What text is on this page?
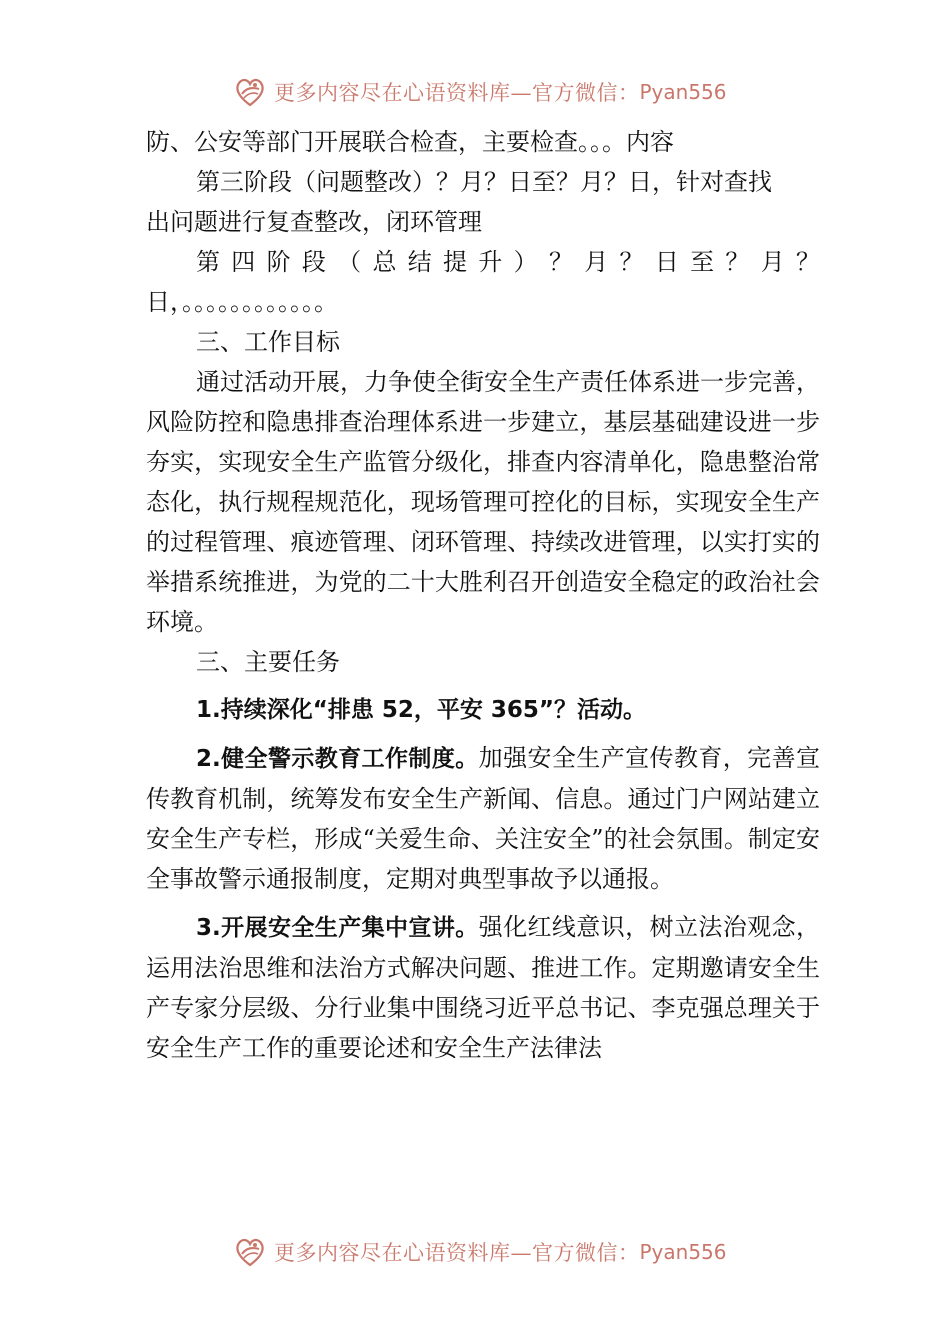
更多内容尽在心语资料库—官方微信： Pyan556

防、公安等部门开展联合检查，主要检查。。。内容

第三阶段（问题整改）？月？日至？月？日，针对查找

出问题进行复查整改，闭环管理

第四阶段（总结提升）？月？日至？月？

日，。。。。。。。。。。。。

三、工作目标

通过活动开展，力争使全街安全生产责任体系进一步完善，风险防控和隐患排查治理体系进一步建立，基层基础建设进一步夯实，实现安全生产监管分级化，排查内容清单化，隐患整治常态化，执行规程规范化，现场管理可控化的目标，实现安全生产的过程管理、痕迹管理、闭环管理、持续改进管理，以实打实的举措系统推进，为党的二十大胜利召开创造安全稳定的政治社会环境。

三、主要任务

1.持续深化“排患 52，平安 365”？活动。

2.健全警示教育工作制度。加强安全生产宣传教育，完善宣传教育机制，统筹发布安全生产新闻、信息。通过门户网站建立安全生产专栏，形成“关爱生命、关注安全”的社会氛围。制定安全事故警示通报制度，定期对典型事故予以通报。

3.开展安全生产集中宣讲。强化红线意识，树立法治观念，运用法治思维和法治方式解决问题、推进工作。定期邀请安全生产专家分层级、分行业集中围绕习近平总书记、李克强总理关于安全生产工作的重要论述和安全生产法律法

更多内容尽在心语资料库—官方微信： Pyan556
